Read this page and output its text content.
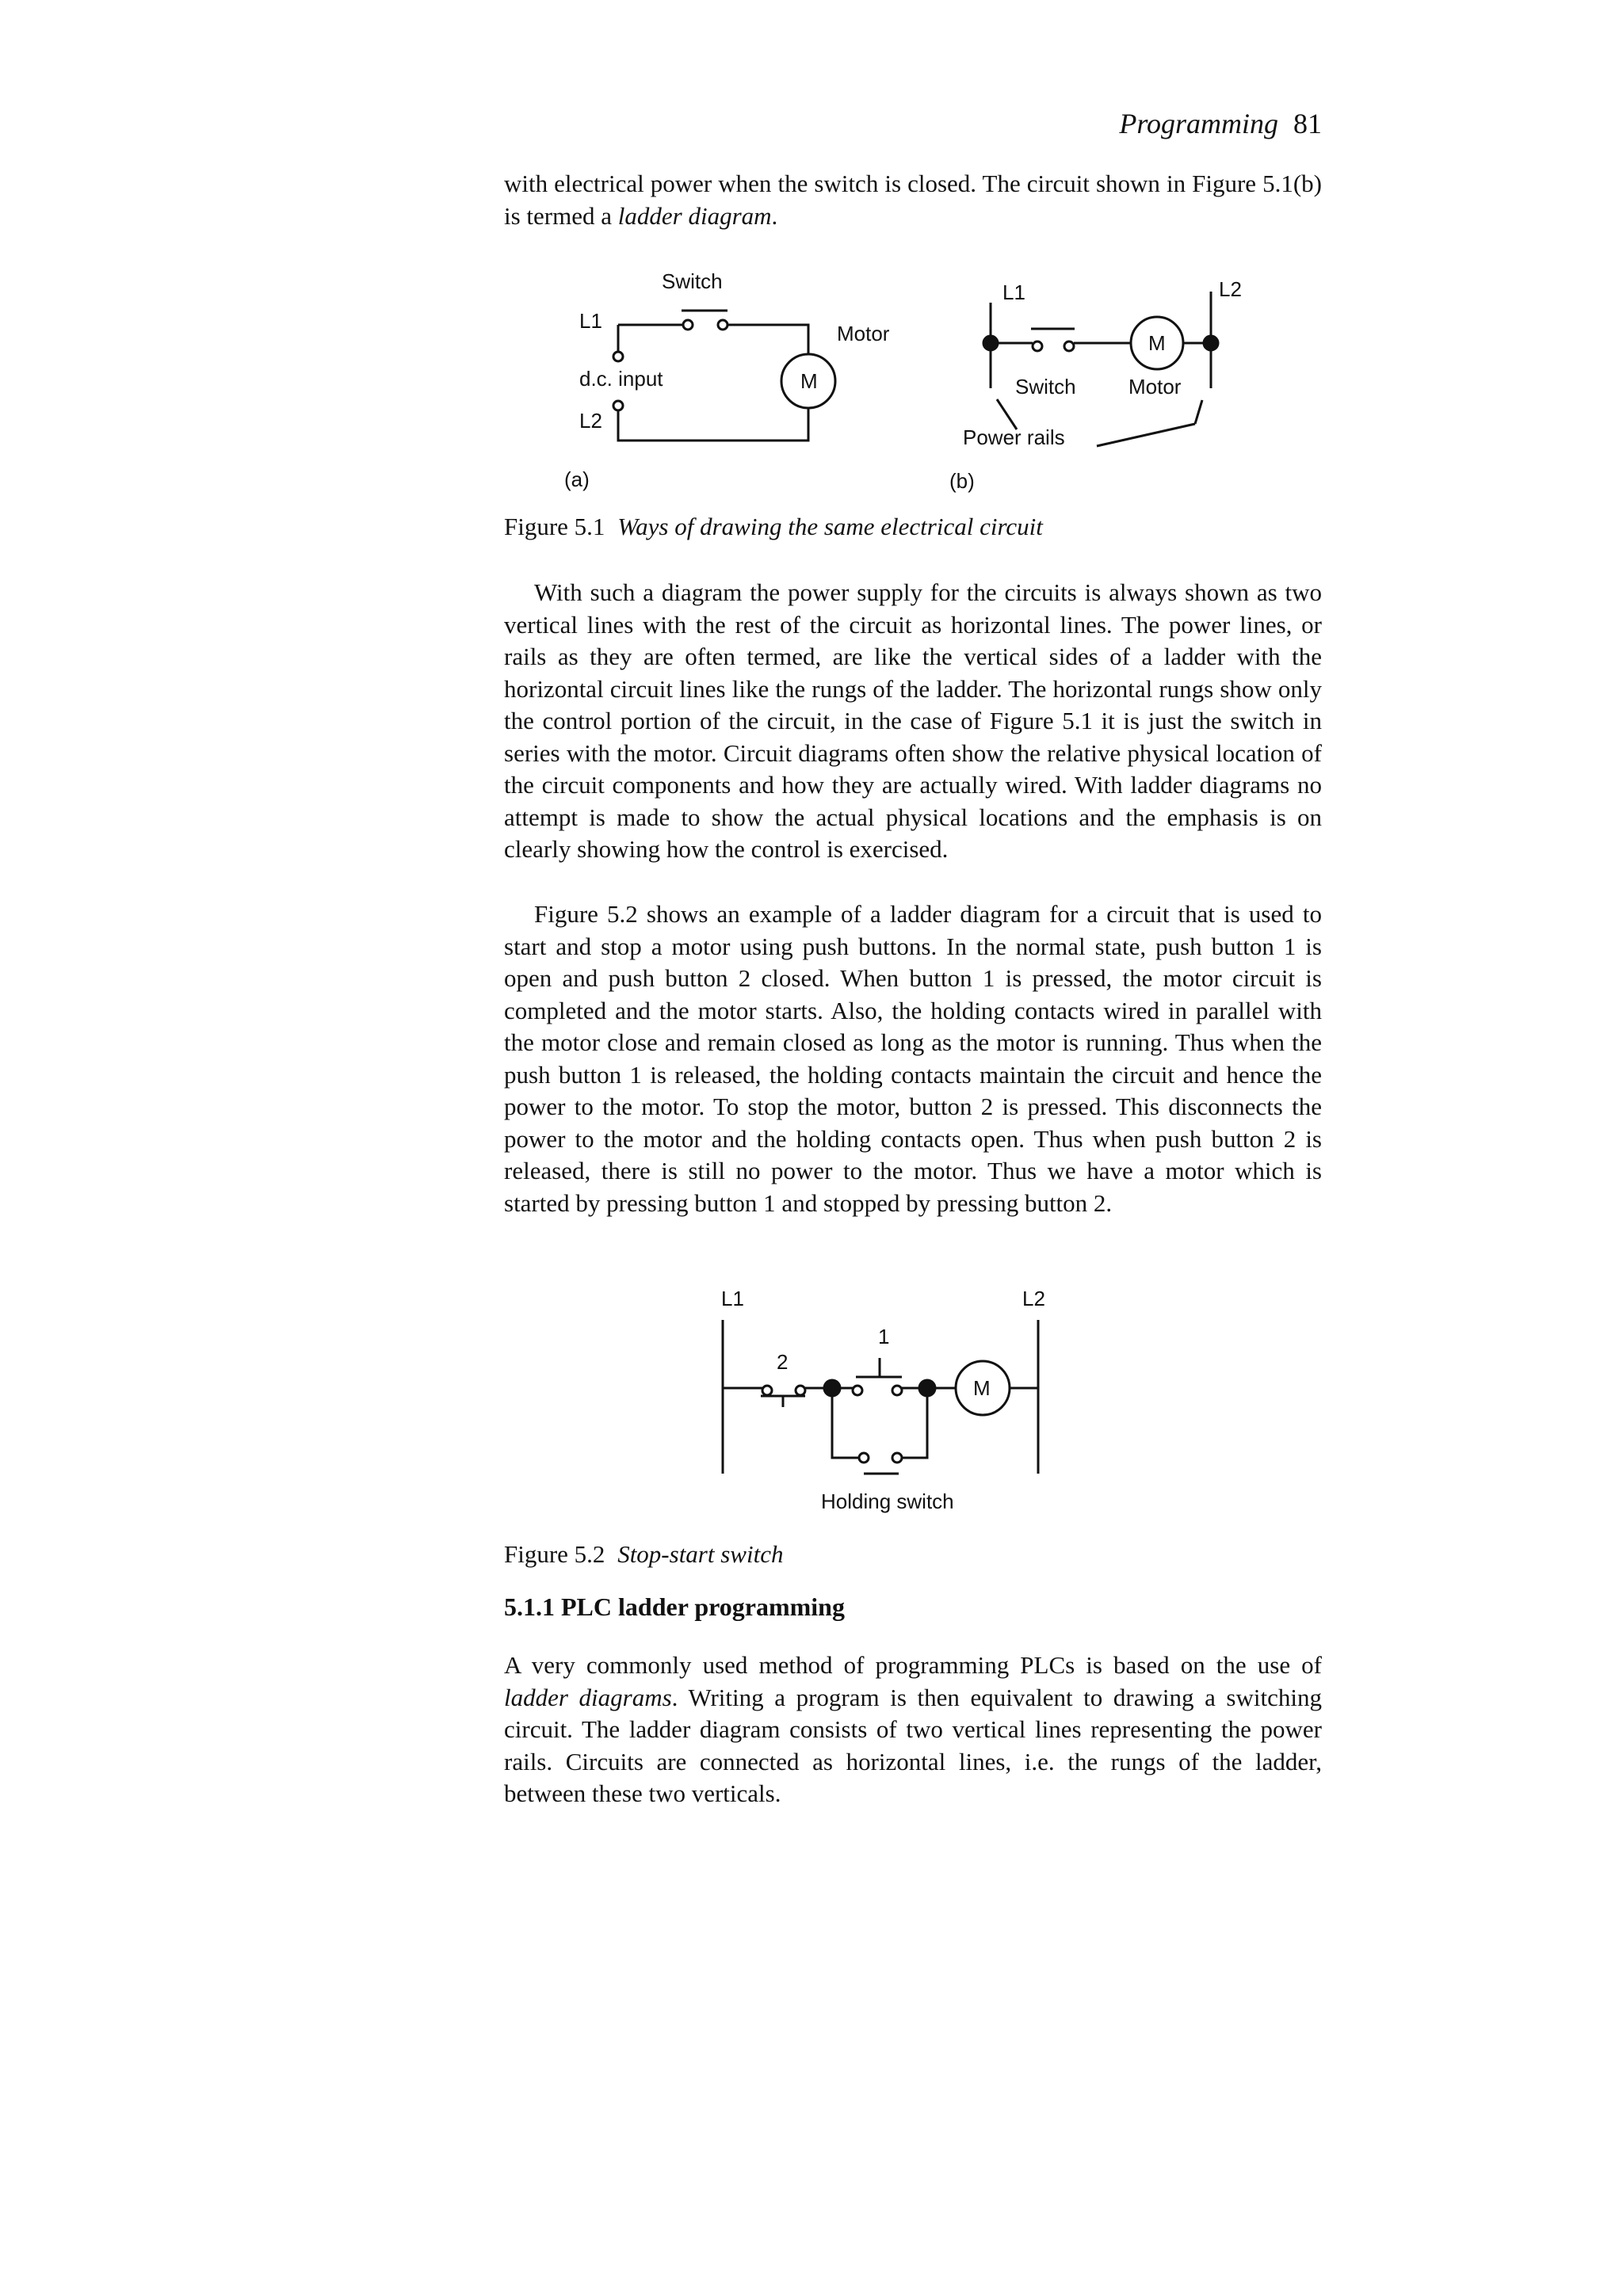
Programming 81

with electrical power when the switch is closed. The circuit shown in Figure 5.1(b) is termed a ladder diagram.

Switch
L1
Motor
d.c. input	M
L2
(a)
L1	L2
M
Switch	Motor
Power rails
(b)
Figure 5.1 Ways of drawing the same electrical circuit

With such a diagram the power supply for the circuits is always shown as two vertical lines with the rest of the circuit as horizontal lines. The power lines, or rails as they are often termed, are like the vertical sides of a ladder with the horizontal circuit lines like the rungs of the ladder. The horizontal rungs show only the control portion of the circuit, in the case of Figure 5.1 it is just the switch in series with the motor. Circuit diagrams often show the relative physical location of the circuit components and how they are actually wired. With ladder diagrams no attempt is made to show the actual physical locations and the emphasis is on clearly showing how the control is exercised.

Figure 5.2 shows an example of a ladder diagram for a circuit that is used to start and stop a motor using push buttons. In the normal state, push button 1 is open and push button 2 closed. When button 1 is pressed, the motor circuit is completed and the motor starts. Also, the holding contacts wired in parallel with the motor close and remain closed as long as the motor is running. Thus when the push button 1 is released, the holding contacts maintain the circuit and hence the power to the motor. To stop the motor, button 2 is pressed. This disconnects the power to the motor and the holding contacts open. Thus when push button 2 is released, there is still no power to the motor. Thus we have a motor which is started by pressing button 1 and stopped by pressing button 2.

L1	L2
1
2
M
Holding switch
Figure 5.2 Stop-start switch
5.1.1 PLC ladder programming

A very commonly used method of programming PLCs is based on the use of ladder diagrams. Writing a program is then equivalent to drawing a switching circuit. The ladder diagram consists of two vertical lines representing the power rails. Circuits are connected as horizontal lines, i.e. the rungs of the ladder, between these two verticals.
